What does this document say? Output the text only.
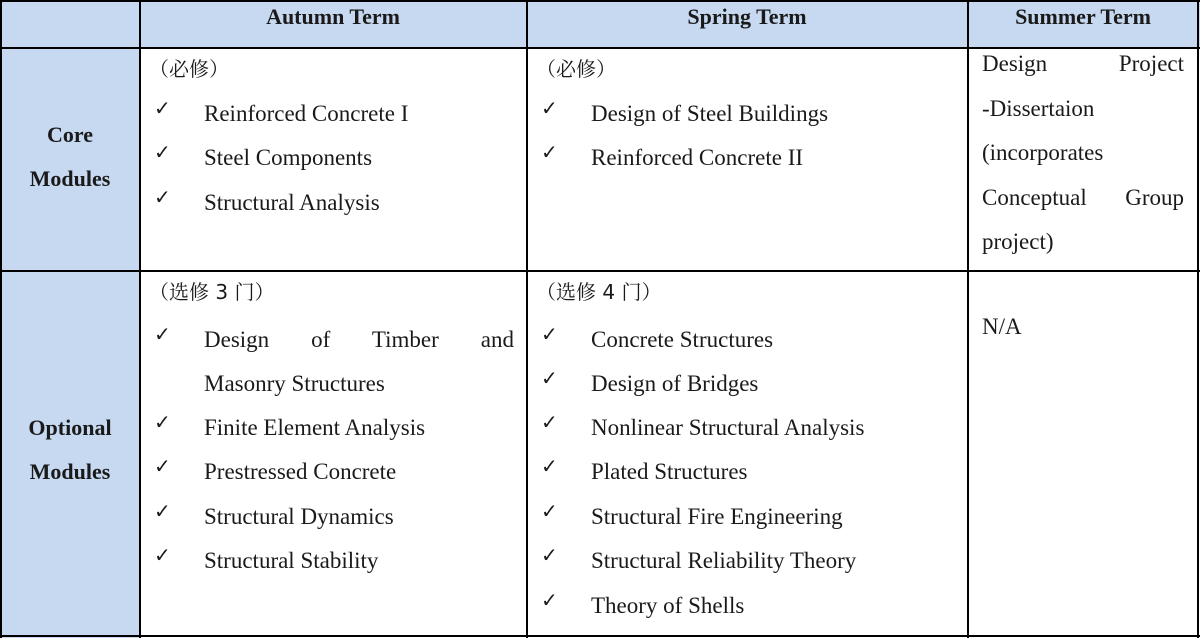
Autumn Term	Spring Term	Summer Term
Core
Modules
Optional
Modules
（必修）
✓ Reinforced Concrete I
✓ Steel Components
✓ Structural Analysis
（必修）
✓ Design of Steel Buildings
✓ Reinforced Concrete II
Design Project
-Dissertaion
(incorporates
Conceptual Group
project)
（选修 3 门）
✓ Design of Timber and
Masonry Structures
✓ Finite Element Analysis
✓ Prestressed Concrete
✓ Structural Dynamics
✓ Structural Stability
（选修 4 门）
✓ Concrete Structures
✓ Design of Bridges
✓ Nonlinear Structural Analysis
✓ Plated Structures
✓ Structural Fire Engineering
✓ Structural Reliability Theory
✓ Theory of Shells
N/A
